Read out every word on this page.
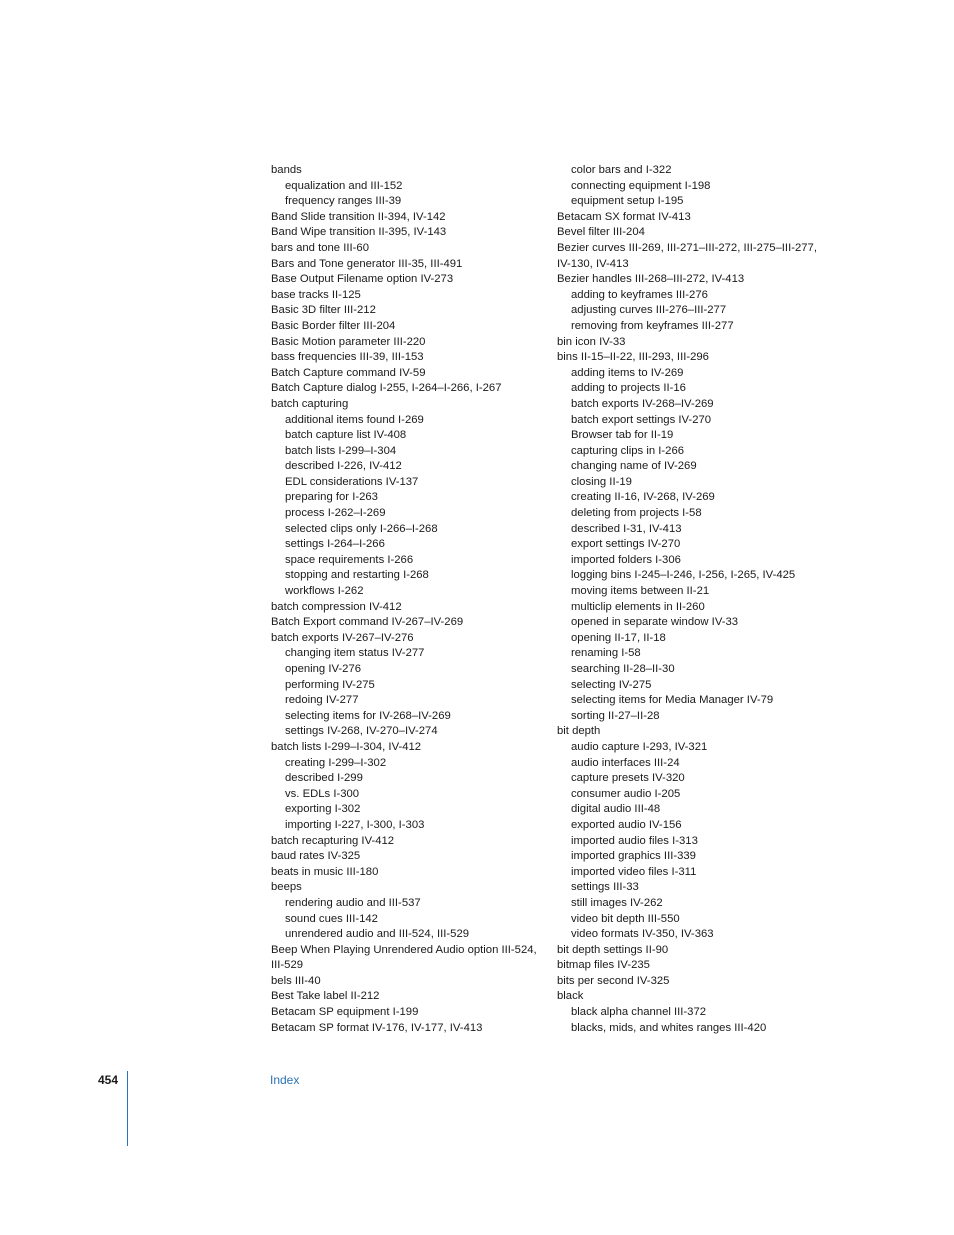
bands
equalization and III-152
frequency ranges III-39
Band Slide transition II-394, IV-142
Band Wipe transition II-395, IV-143
bars and tone III-60
Bars and Tone generator III-35, III-491
Base Output Filename option IV-273
base tracks II-125
Basic 3D filter III-212
Basic Border filter III-204
Basic Motion parameter III-220
bass frequencies III-39, III-153
Batch Capture command IV-59
Batch Capture dialog I-255, I-264–I-266, I-267
batch capturing
additional items found I-269
batch capture list IV-408
batch lists I-299–I-304
described I-226, IV-412
EDL considerations IV-137
preparing for I-263
process I-262–I-269
selected clips only I-266–I-268
settings I-264–I-266
space requirements I-266
stopping and restarting I-268
workflows I-262
batch compression IV-412
Batch Export command IV-267–IV-269
batch exports IV-267–IV-276
changing item status IV-277
opening IV-276
performing IV-275
redoing IV-277
selecting items for IV-268–IV-269
settings IV-268, IV-270–IV-274
batch lists I-299–I-304, IV-412
creating I-299–I-302
described I-299
vs. EDLs I-300
exporting I-302
importing I-227, I-300, I-303
batch recapturing IV-412
baud rates IV-325
beats in music III-180
beeps
rendering audio and III-537
sound cues III-142
unrendered audio and III-524, III-529
Beep When Playing Unrendered Audio option III-524, III-529
bels III-40
Best Take label II-212
Betacam SP equipment I-199
Betacam SP format IV-176, IV-177, IV-413
color bars and I-322
connecting equipment I-198
equipment setup I-195
Betacam SX format IV-413
Bevel filter III-204
Bezier curves III-269, III-271–III-272, III-275–III-277, IV-130, IV-413
Bezier handles III-268–III-272, IV-413
adding to keyframes III-276
adjusting curves III-276–III-277
removing from keyframes III-277
bin icon IV-33
bins II-15–II-22, III-293, III-296
adding items to IV-269
adding to projects II-16
batch exports IV-268–IV-269
batch export settings IV-270
Browser tab for II-19
capturing clips in I-266
changing name of IV-269
closing II-19
creating II-16, IV-268, IV-269
deleting from projects I-58
described I-31, IV-413
export settings IV-270
imported folders I-306
logging bins I-245–I-246, I-256, I-265, IV-425
moving items between II-21
multiclip elements in II-260
opened in separate window IV-33
opening II-17, II-18
renaming I-58
searching II-28–II-30
selecting IV-275
selecting items for Media Manager IV-79
sorting II-27–II-28
bit depth
audio capture I-293, IV-321
audio interfaces III-24
capture presets IV-320
consumer audio I-205
digital audio III-48
exported audio IV-156
imported audio files I-313
imported graphics III-339
imported video files I-311
settings III-33
still images IV-262
video bit depth III-550
video formats IV-350, IV-363
bit depth settings II-90
bitmap files IV-235
bits per second IV-325
black
black alpha channel III-372
blacks, mids, and whites ranges III-420
454	Index
